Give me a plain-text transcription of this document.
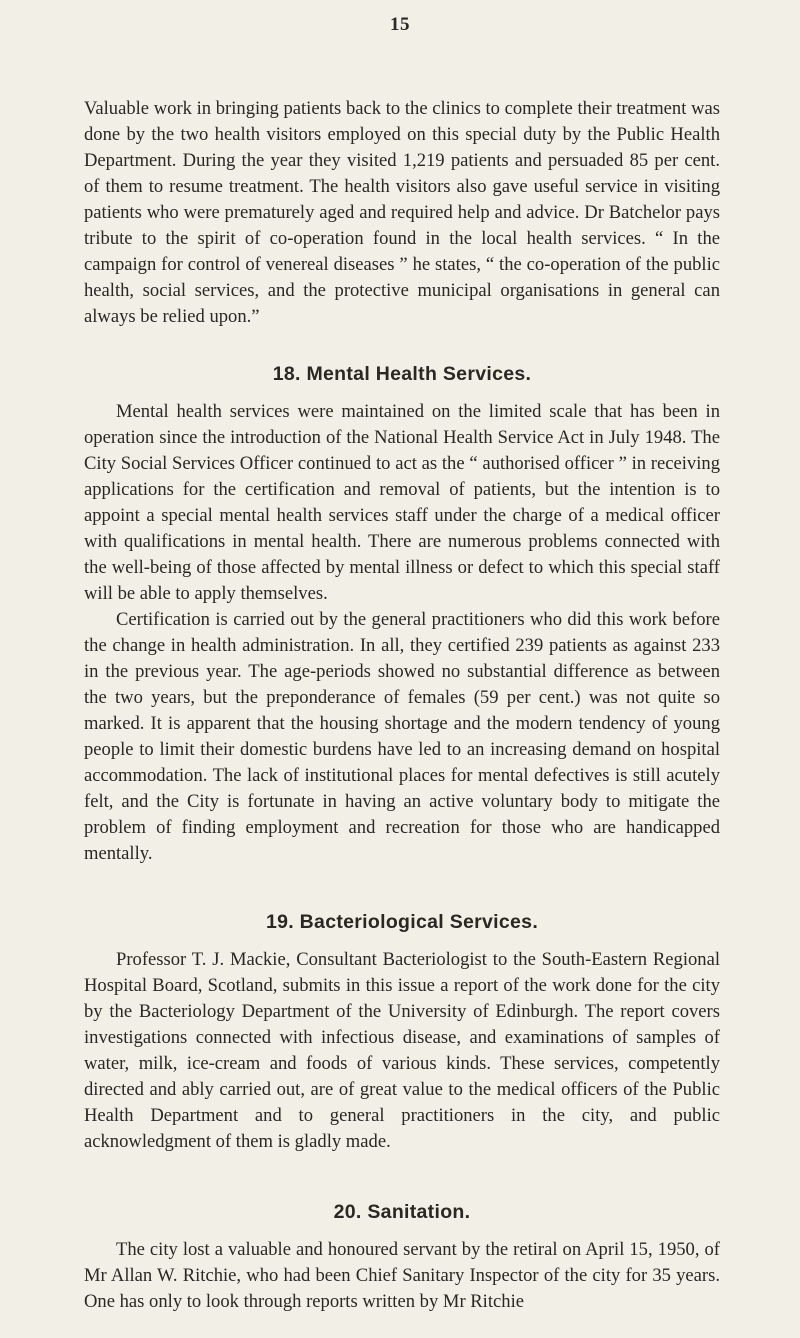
15

Valuable work in bringing patients back to the clinics to complete their treatment was done by the two health visitors employed on this special duty by the Public Health Department. During the year they visited 1,219 patients and persuaded 85 per cent. of them to resume treatment. The health visitors also gave useful service in visiting patients who were prematurely aged and required help and advice. Dr Batchelor pays tribute to the spirit of co-operation found in the local health services. “ In the campaign for control of venereal diseases ” he states, “ the co-operation of the public health, social services, and the protective municipal organisations in general can always be relied upon.”

18. Mental Health Services.

Mental health services were maintained on the limited scale that has been in operation since the introduction of the National Health Service Act in July 1948. The City Social Services Officer continued to act as the “ authorised officer ” in receiving applications for the certification and removal of patients, but the intention is to appoint a special mental health services staff under the charge of a medical officer with qualifications in mental health. There are numerous problems connected with the well-being of those affected by mental illness or defect to which this special staff will be able to apply themselves.

Certification is carried out by the general practitioners who did this work before the change in health administration. In all, they certified 239 patients as against 233 in the previous year. The age-periods showed no substantial difference as between the two years, but the preponderance of females (59 per cent.) was not quite so marked. It is apparent that the housing shortage and the modern tendency of young people to limit their domestic burdens have led to an increasing demand on hospital accommodation. The lack of institutional places for mental defectives is still acutely felt, and the City is fortunate in having an active voluntary body to mitigate the problem of finding employment and recreation for those who are handicapped mentally.

19. Bacteriological Services.

Professor T. J. Mackie, Consultant Bacteriologist to the South-Eastern Regional Hospital Board, Scotland, submits in this issue a report of the work done for the city by the Bacteriology Department of the University of Edinburgh. The report covers investigations connected with infectious disease, and examinations of samples of water, milk, ice-cream and foods of various kinds. These services, competently directed and ably carried out, are of great value to the medical officers of the Public Health Department and to general practitioners in the city, and public acknowledgment of them is gladly made.

20. Sanitation.

The city lost a valuable and honoured servant by the retiral on April 15, 1950, of Mr Allan W. Ritchie, who had been Chief Sanitary Inspector of the city for 35 years. One has only to look through reports written by Mr Ritchie
